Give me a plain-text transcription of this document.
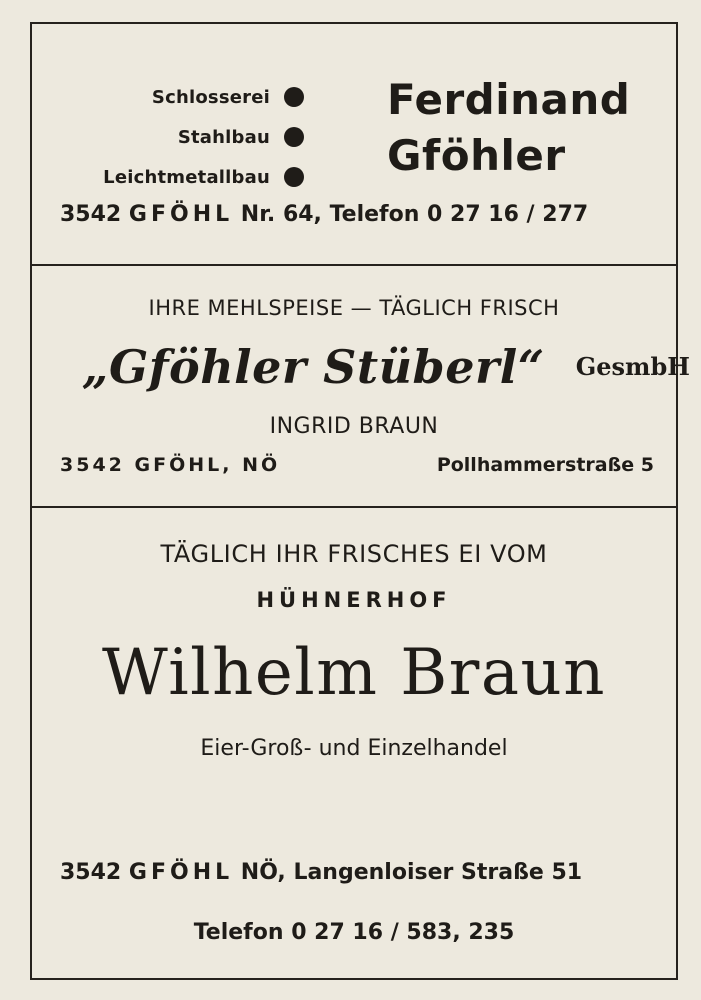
Schlosserei
Stahlbau
Leichtmetallbau
Ferdinand
Gföhler
3542 GFÖHL Nr. 64, Telefon 0 27 16 / 277
IHRE MEHLSPEISE — TÄGLICH FRISCH
„Gföhler Stüberl“ GesmbH
INGRID BRAUN
3542 GFÖHL, NÖ	Pollhammerstraße 5
TÄGLICH IHR FRISCHES EI VOM
HÜHNERHOF
Wilhelm Braun
Eier-Groß- und Einzelhandel
3542 GFÖHL NÖ, Langenloiser Straße 51
Telefon 0 27 16 / 583, 235
